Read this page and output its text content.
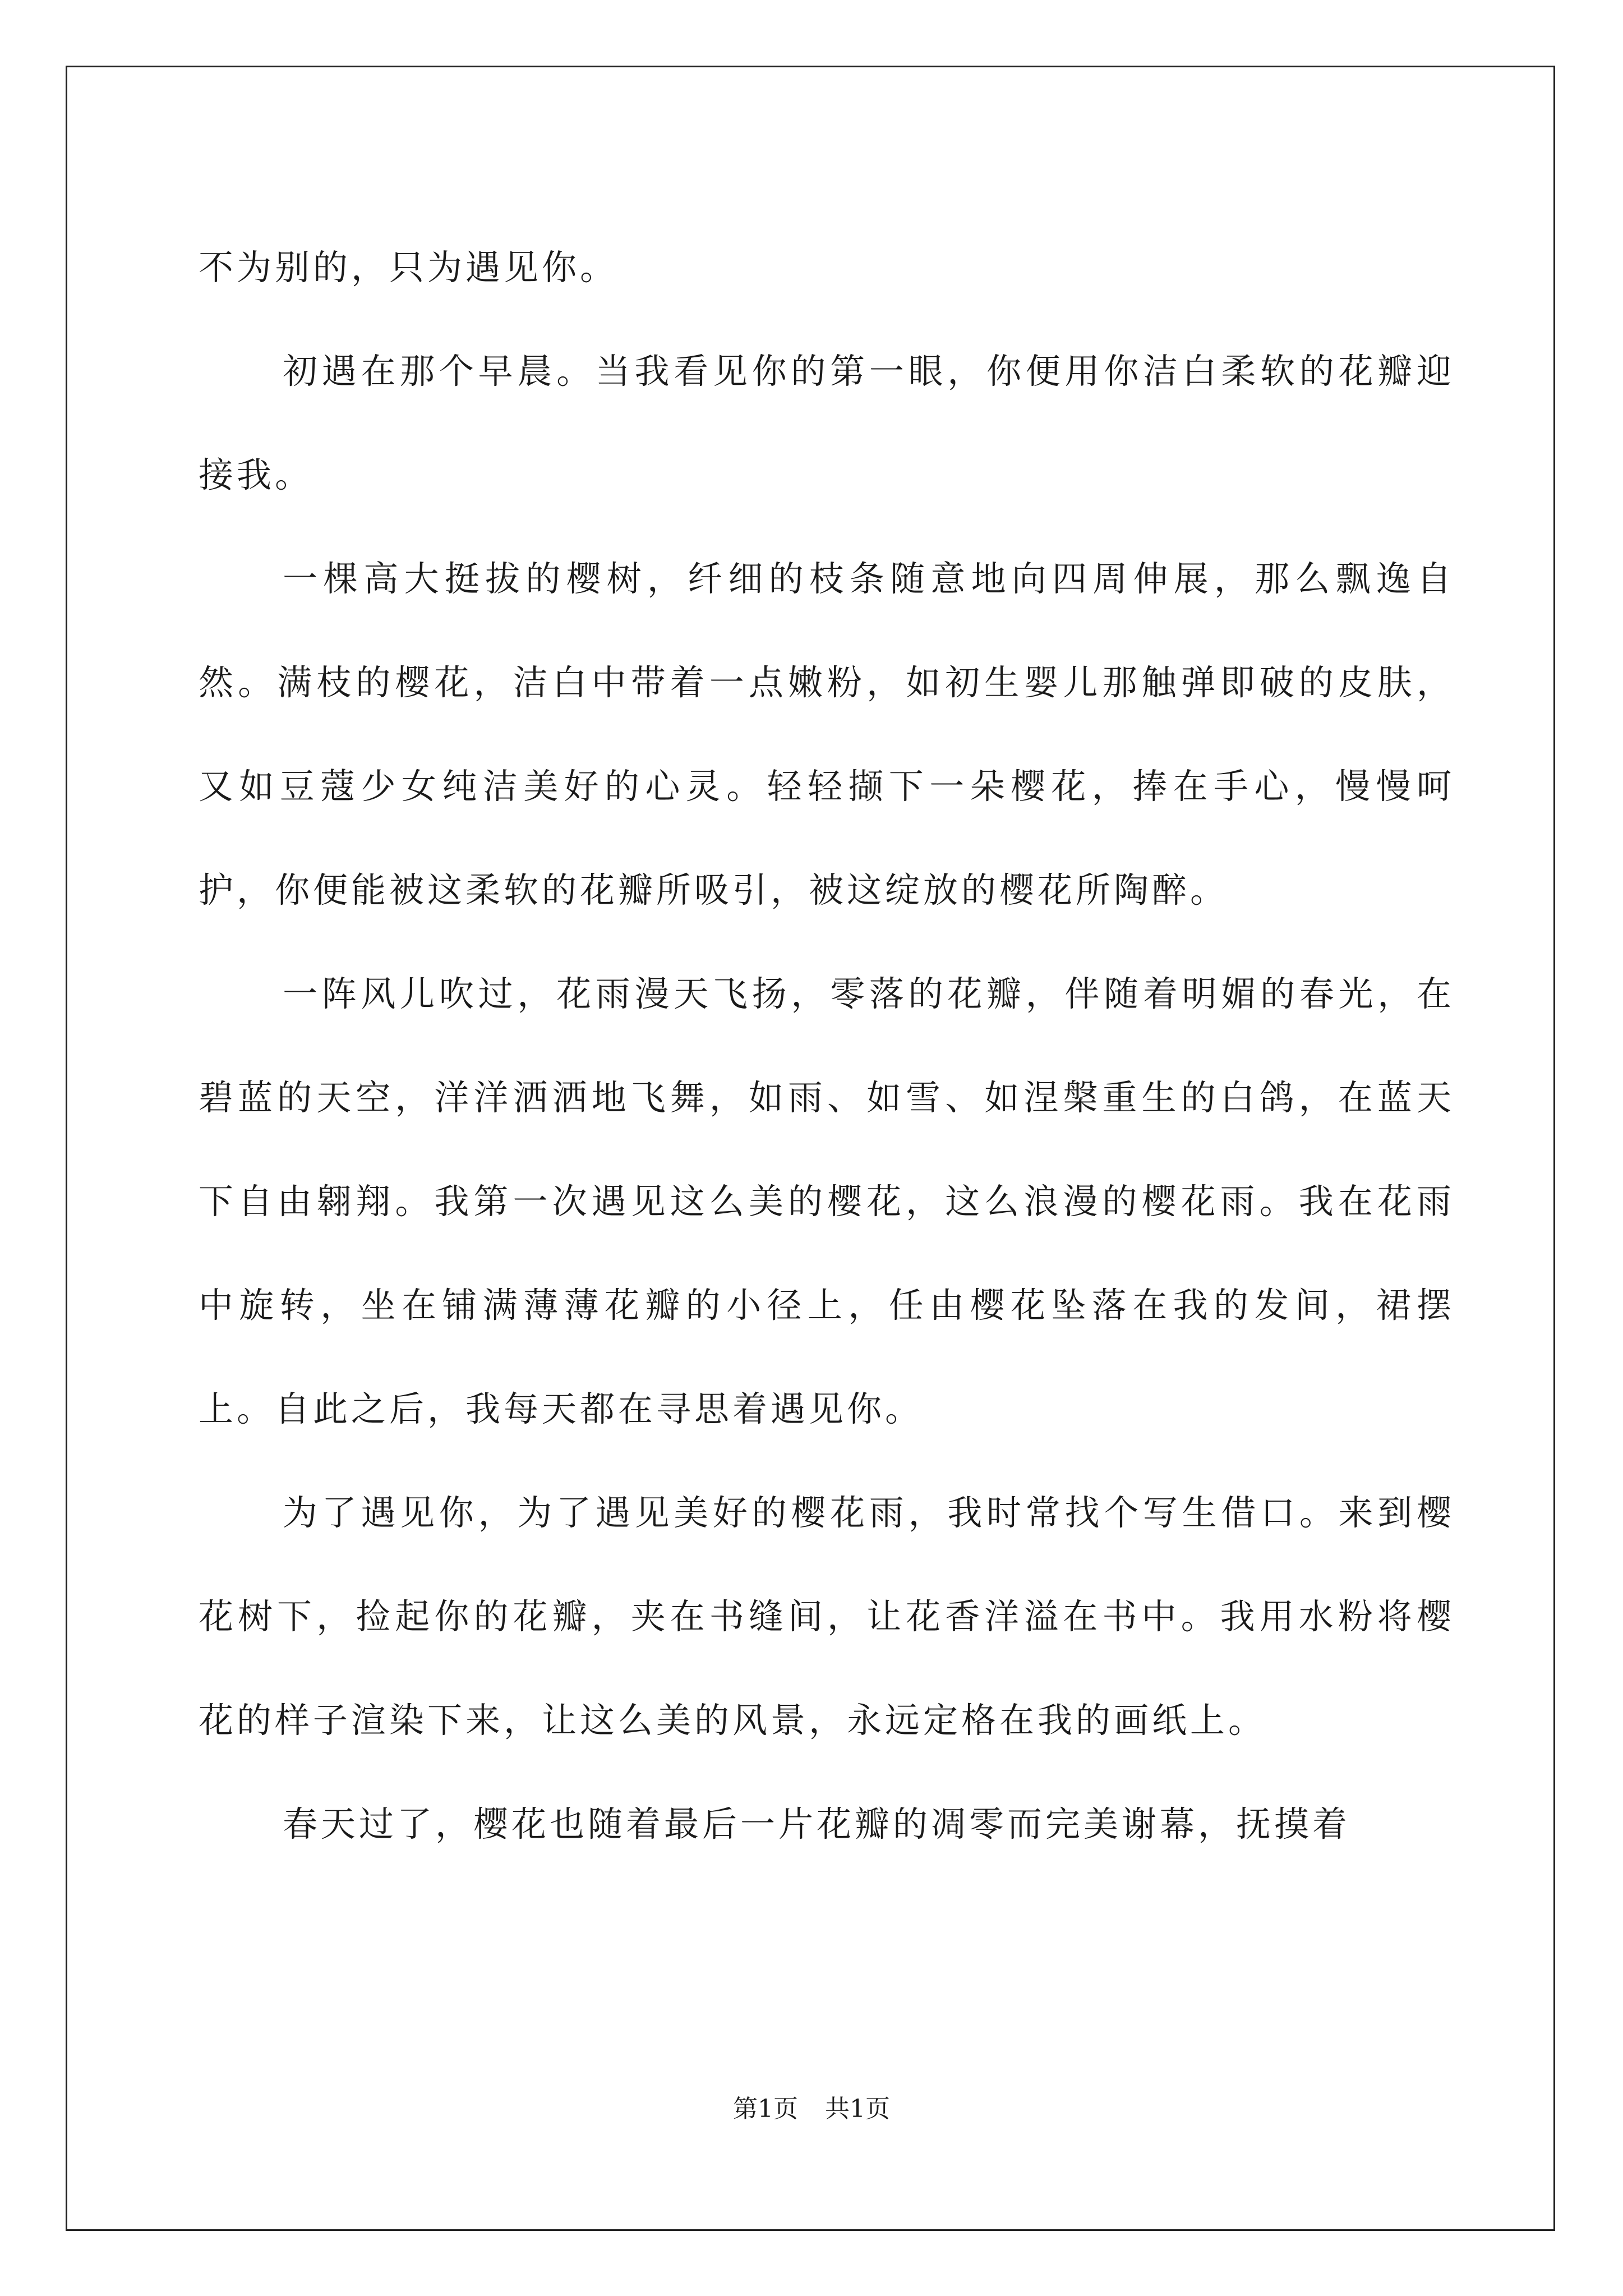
不为别的，只为遇见你。

初遇在那个早晨。当我看见你的第一眼，你便用你洁白柔软的花瓣迎接我。

一棵高大挺拔的樱树，纤细的枝条随意地向四周伸展，那么飘逸自然。满枝的樱花，洁白中带着一点嫩粉，如初生婴儿那触弹即破的皮肤，又如豆蔻少女纯洁美好的心灵。轻轻撷下一朵樱花，捧在手心，慢慢呵护，你便能被这柔软的花瓣所吸引，被这绽放的樱花所陶醉。

一阵风儿吹过，花雨漫天飞扬，零落的花瓣，伴随着明媚的春光，在碧蓝的天空，洋洋洒洒地飞舞，如雨、如雪、如涅槃重生的白鸽，在蓝天下自由翱翔。我第一次遇见这么美的樱花，这么浪漫的樱花雨。我在花雨中旋转，坐在铺满薄薄花瓣的小径上，任由樱花坠落在我的发间，裙摆上。自此之后，我每天都在寻思着遇见你。

为了遇见你，为了遇见美好的樱花雨，我时常找个写生借口。来到樱花树下，捡起你的花瓣，夹在书缝间，让花香洋溢在书中。我用水粉将樱花的样子渲染下来，让这么美的风景，永远定格在我的画纸上。

春天过了，樱花也随着最后一片花瓣的凋零而完美谢幕，抚摸着

第1页 共1页
